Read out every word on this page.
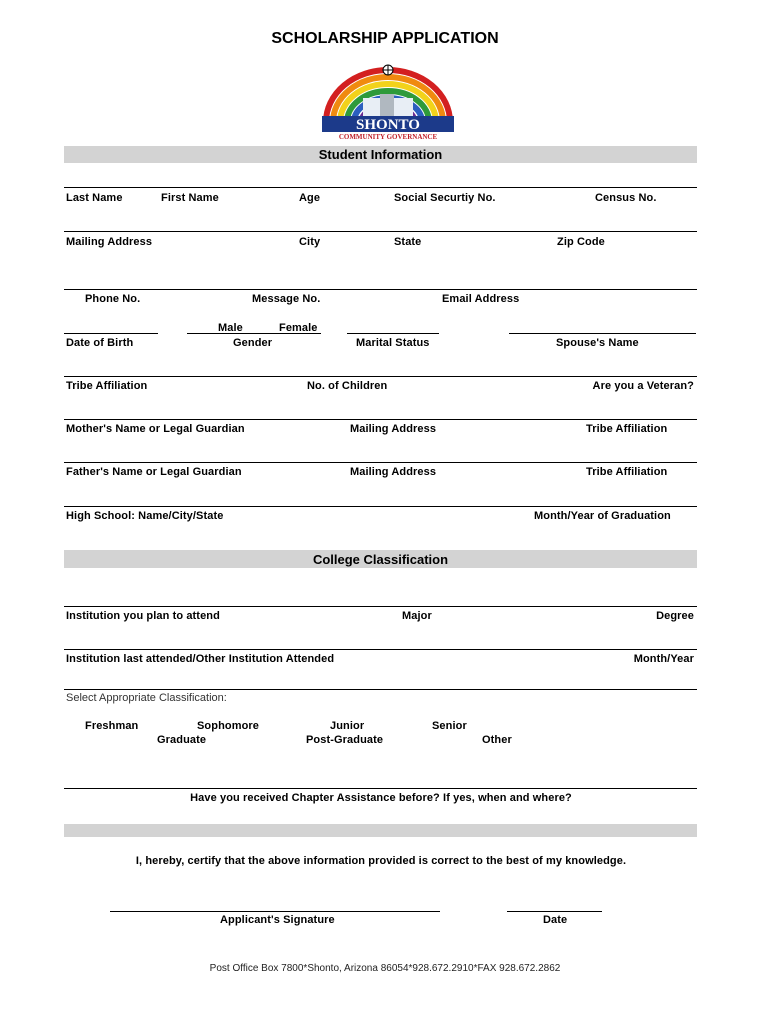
SCHOLARSHIP APPLICATION
SHONTO
COMMUNITY GOVERNANCE
Student Information
Last Name	First Name	Age	Social Securtiy No.	Census No.
Mailing Address	City	State	Zip Code
Phone No.	Message No.	Email Address
Male	Female
Date of Birth	Gender	Marital Status	Spouse's Name
Tribe Affiliation	No. of Children	Are you a Veteran?
Mother's Name or Legal Guardian	Mailing Address	Tribe Affiliation
Father's Name or Legal Guardian	Mailing Address	Tribe Affiliation
High School: Name/City/State	Month/Year of Graduation
College Classification
Institution you plan to attend	Major	Degree
Institution last attended/Other Institution Attended	Month/Year
Select Appropriate Classification:
Freshman	Sophomore	Junior	Senior
Graduate	Post-Graduate	Other
Have you received Chapter Assistance before? If yes, when and where?
I, hereby, certify that the above information provided is correct to the best of my knowledge.
Applicant's Signature	Date
Post Office Box 7800*Shonto, Arizona 86054*928.672.2910*FAX 928.672.2862
